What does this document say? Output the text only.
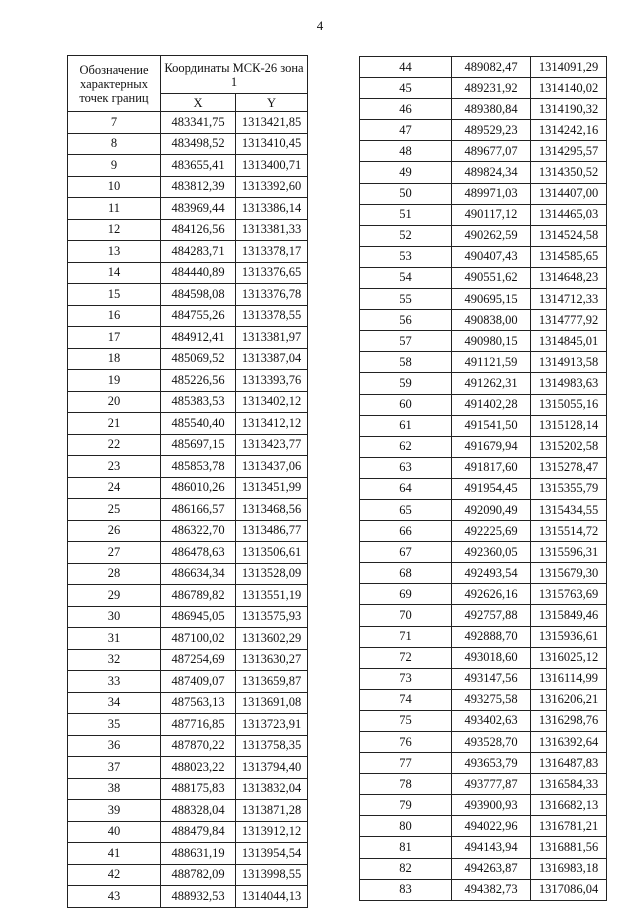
4
Обозначение характерных точек границ	Координаты МСК-26 зона 1	
	X	Y
7	483341,75	1313421,85
8	483498,52	1313410,45
9	483655,41	1313400,71
10	483812,39	1313392,60
11	483969,44	1313386,14
12	484126,56	1313381,33
13	484283,71	1313378,17
14	484440,89	1313376,65
15	484598,08	1313376,78
16	484755,26	1313378,55
17	484912,41	1313381,97
18	485069,52	1313387,04
19	485226,56	1313393,76
20	485383,53	1313402,12
21	485540,40	1313412,12
22	485697,15	1313423,77
23	485853,78	1313437,06
24	486010,26	1313451,99
25	486166,57	1313468,56
26	486322,70	1313486,77
27	486478,63	1313506,61
28	486634,34	1313528,09
29	486789,82	1313551,19
30	486945,05	1313575,93
31	487100,02	1313602,29
32	487254,69	1313630,27
33	487409,07	1313659,87
34	487563,13	1313691,08
35	487716,85	1313723,91
36	487870,22	1313758,35
37	488023,22	1313794,40
38	488175,83	1313832,04
39	488328,04	1313871,28
40	488479,84	1313912,12
41	488631,19	1313954,54
42	488782,09	1313998,55
43	488932,53	1314044,13
44	489082,47	1314091,29
45	489231,92	1314140,02
46	489380,84	1314190,32
47	489529,23	1314242,16
48	489677,07	1314295,57
49	489824,34	1314350,52
50	489971,03	1314407,00
51	490117,12	1314465,03
52	490262,59	1314524,58
53	490407,43	1314585,65
54	490551,62	1314648,23
55	490695,15	1314712,33
56	490838,00	1314777,92
57	490980,15	1314845,01
58	491121,59	1314913,58
59	491262,31	1314983,63
60	491402,28	1315055,16
61	491541,50	1315128,14
62	491679,94	1315202,58
63	491817,60	1315278,47
64	491954,45	1315355,79
65	492090,49	1315434,55
66	492225,69	1315514,72
67	492360,05	1315596,31
68	492493,54	1315679,30
69	492626,16	1315763,69
70	492757,88	1315849,46
71	492888,70	1315936,61
72	493018,60	1316025,12
73	493147,56	1316114,99
74	493275,58	1316206,21
75	493402,63	1316298,76
76	493528,70	1316392,64
77	493653,79	1316487,83
78	493777,87	1316584,33
79	493900,93	1316682,13
80	494022,96	1316781,21
81	494143,94	1316881,56
82	494263,87	1316983,18
83	494382,73	1317086,04
